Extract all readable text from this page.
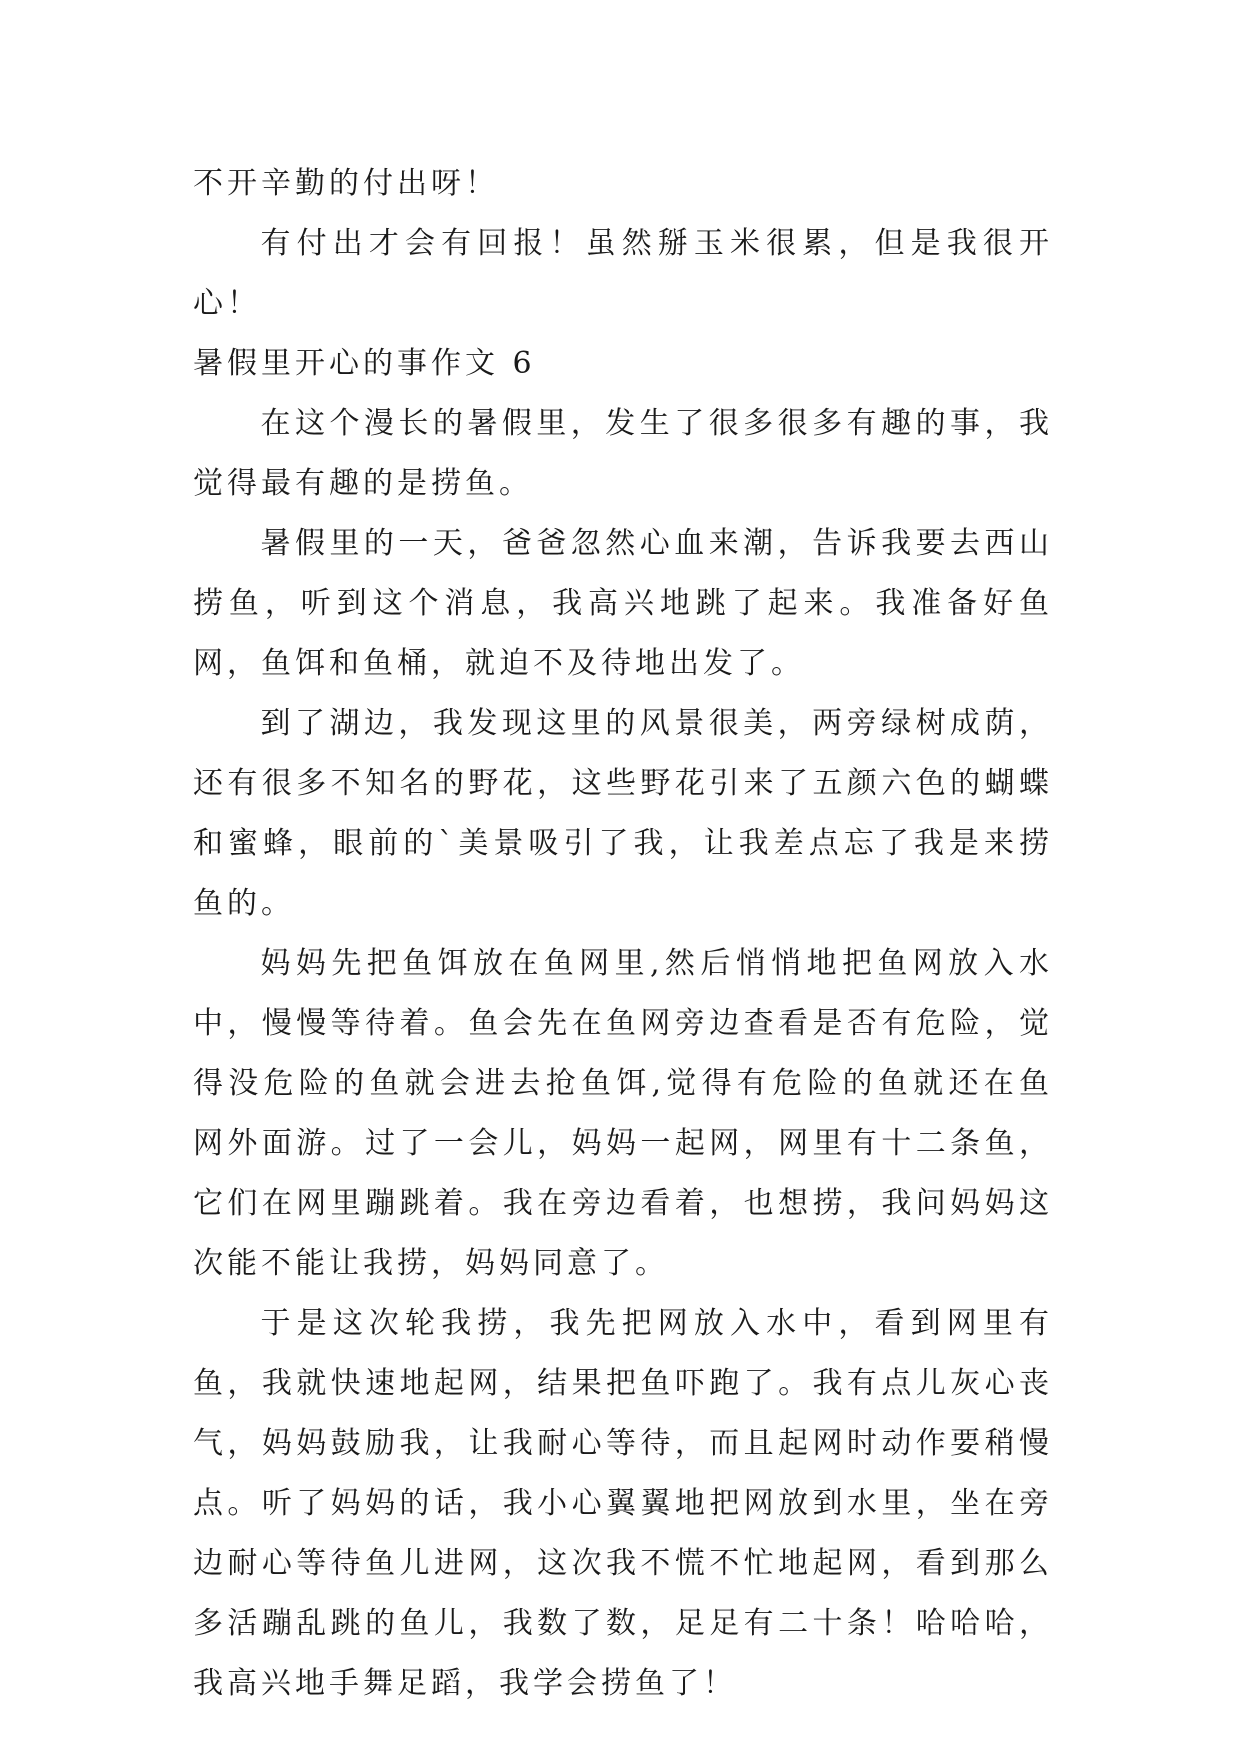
不开辛勤的付出呀！

有付出才会有回报！虽然掰玉米很累，但是我很开心！

暑假里开心的事作文 6

在这个漫长的暑假里，发生了很多很多有趣的事，我觉得最有趣的是捞鱼。

暑假里的一天，爸爸忽然心血来潮，告诉我要去西山捞鱼，听到这个消息，我高兴地跳了起来。我准备好鱼网，鱼饵和鱼桶，就迫不及待地出发了。

到了湖边，我发现这里的风景很美，两旁绿树成荫，还有很多不知名的野花，这些野花引来了五颜六色的蝴蝶和蜜蜂，眼前的`美景吸引了我，让我差点忘了我是来捞鱼的。

妈妈先把鱼饵放在鱼网里,然后悄悄地把鱼网放入水中，慢慢等待着。鱼会先在鱼网旁边查看是否有危险，觉得没危险的鱼就会进去抢鱼饵,觉得有危险的鱼就还在鱼网外面游。过了一会儿，妈妈一起网，网里有十二条鱼，它们在网里蹦跳着。我在旁边看着，也想捞，我问妈妈这次能不能让我捞，妈妈同意了。

于是这次轮我捞，我先把网放入水中，看到网里有鱼，我就快速地起网，结果把鱼吓跑了。我有点儿灰心丧气，妈妈鼓励我，让我耐心等待，而且起网时动作要稍慢点。听了妈妈的话，我小心翼翼地把网放到水里，坐在旁边耐心等待鱼儿进网，这次我不慌不忙地起网，看到那么多活蹦乱跳的鱼儿，我数了数，足足有二十条！哈哈哈，我高兴地手舞足蹈，我学会捞鱼了！
